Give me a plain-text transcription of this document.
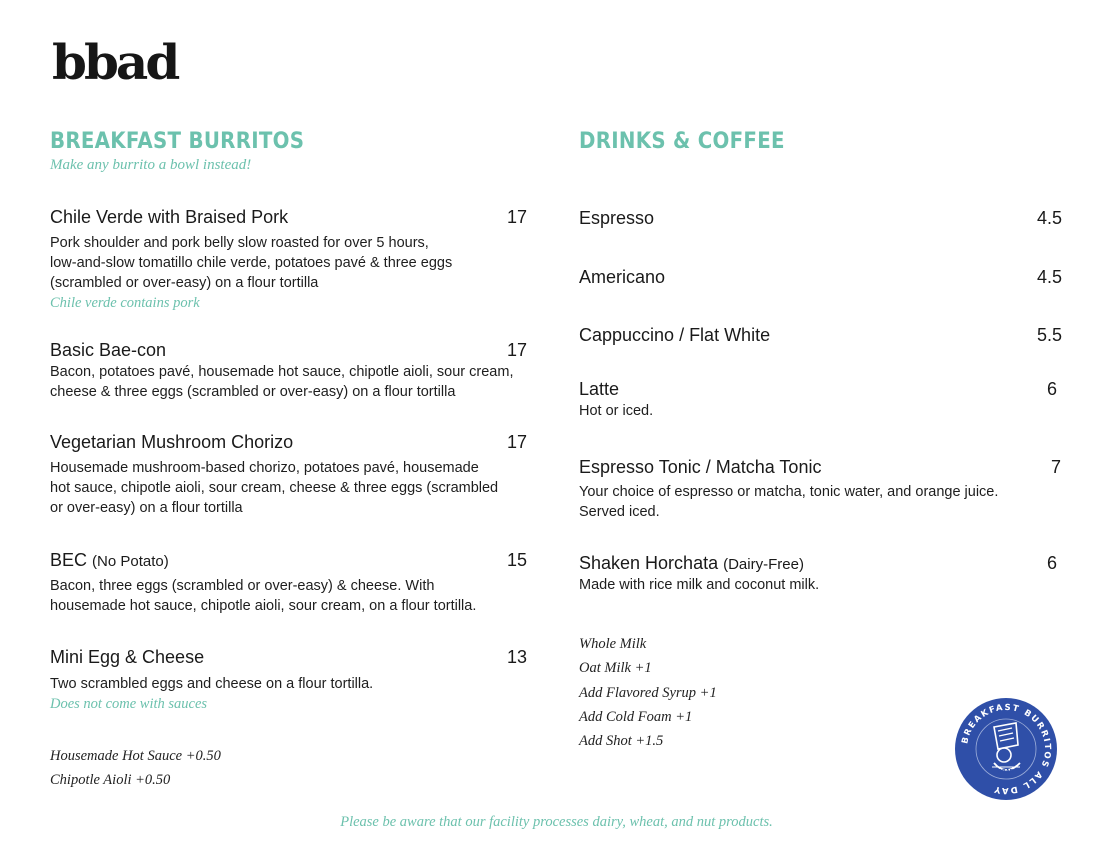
bbad
BREAKFAST BURRITOS
Make any burrito a bowl instead!
Chile Verde with Braised Pork	17
Pork shoulder and pork belly slow roasted for over 5 hours,
low-and-slow tomatillo chile verde, potatoes pavé & three eggs
(scrambled or over-easy) on a flour tortilla
Chile verde contains pork
Basic Bae-con	17
Bacon, potatoes pavé, housemade hot sauce, chipotle aioli, sour cream,
cheese & three eggs (scrambled or over-easy) on a flour tortilla
Vegetarian Mushroom Chorizo	17
Housemade mushroom-based chorizo, potatoes pavé, housemade
hot sauce, chipotle aioli, sour cream, cheese & three eggs (scrambled
or over-easy) on a flour tortilla
BEC (No Potato)	15
Bacon, three eggs (scrambled or over-easy) & cheese. With
housemade hot sauce, chipotle aioli, sour cream, on a flour tortilla.
Mini Egg & Cheese	13
Two scrambled eggs and cheese on a flour tortilla.
Does not come with sauces
Housemade Hot Sauce +0.50
Chipotle Aioli +0.50
DRINKS & COFFEE
Espresso	4.5
Americano	4.5
Cappuccino / Flat White	5.5
Latte	6
Hot or iced.
Espresso Tonic / Matcha Tonic	7
Your choice of espresso or matcha, tonic water, and orange juice.
Served iced.
Shaken Horchata (Dairy-Free)	6
Made with rice milk and coconut milk.
Whole Milk
Oat Milk +1
Add Flavored Syrup +1
Add Cold Foam +1
Add Shot +1.5	BREAKFAST BURRITOS ALL DAY
BBAD
Please be aware that our facility processes dairy, wheat, and nut products.
